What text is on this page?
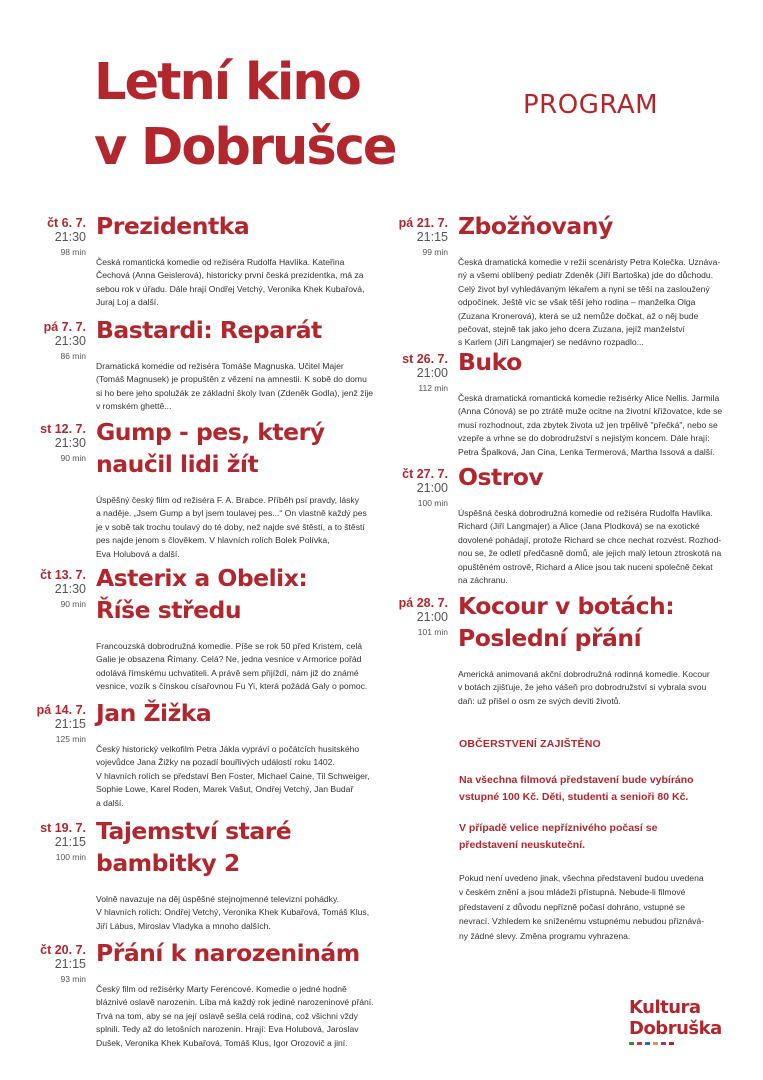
Letní kino
v Dobrušce
PROGRAM
čt 6. 7.
21:30
98 min
Prezidentka
Česká romantická komedie od režiséra Rudolfa Havlíka. Kateřina
Čechová (Anna Geislerová), historicky první česká prezidentka, má za
sebou rok v úřadu. Dále hrají Ondřej Vetchý, Veronika Khek Kubařová,
Juraj Loj a další.
pá 7. 7.
21:30
86 min
Bastardi: Reparát
Dramatická komedie od režiséra Tomáše Magnuska. Učitel Majer
(Tomáš Magnusek) je propuštěn z vězení na amnestii. K sobě do domu
si ho bere jeho spolužák ze základní školy Ivan (Zdeněk Godla), jenž žije
v romském ghettě...
st 12. 7.
21:30
90 min
Gump - pes, který
naučil lidi žít
Úspěšný český film od režiséra F. A. Brabce. Příběh psí pravdy, lásky
a naděje. „Jsem Gump a byl jsem toulavej pes...“ On vlastně každý pes
je v sobě tak trochu toulavý do té doby, než najde své štěstí, a to štěstí
pes najde jenom s člověkem. V hlavních rolích Bolek Polívka,
Eva Holubová a další.
čt 13. 7.
21:30
90 min
Asterix a Obelix:
Říše středu
Francouzská dobrodružná komedie. Píše se rok 50 před Kristem, celá
Galie je obsazena Římany. Celá? Ne, jedna vesnice v Armorice pořád
odolává římskému uchvatiteli. A právě sem přijíždí, nám již do známé
vesnice, vozík s čínskou císařovnou Fu Yi, která požádá Galy o pomoc.
pá 14. 7.
21:15
125 min
Jan Žižka
Český historický velkofilm Petra Jákla vypráví o počátcích husitského
vojevůdce Jana Žižky na pozadí bouřlivých událostí roku 1402.
V hlavních rolích se představí Ben Foster, Michael Caine, Til Schweiger,
Sophie Lowe, Karel Roden, Marek Vašut, Ondřej Vetchý, Jan Budař
a další.
st 19. 7.
21:15
100 min
Tajemství staré
bambitky 2
Volně navazuje na děj úspěšné stejnojmenné televizní pohádky.
V hlavních rolích: Ondřej Vetchý, Veronika Khek Kubařová, Tomáš Klus,
Jiří Lábus, Miroslav Vladyka a mnoho dalších.
čt 20. 7.
21:15
93 min
Přání k narozeninám
Český film od režisérky Marty Ferencové. Komedie o jedné hodně
bláznivé oslavě narozenin. Líba má každý rok jediné narozeninové přání.
Trvá na tom, aby se na její oslavě sešla celá rodina, což všichni vždy
splnili. Tedy až do letošních narozenin. Hrají: Eva Holubová, Jaroslav
Dušek, Veronika Khek Kubařová, Tomáš Klus, Igor Orozovič a jiní.
pá 21. 7.
21:15
99 min
Zbožňovaný
Česká dramatická komedie v režii scenáristy Petra Kolečka. Uznáva-
ný a všemi oblíbený pediatr Zdeněk (Jiří Bartoška) jde do důchodu.
Celý život byl vyhledávaným lékařem a nyní se těší na zasloužený
odpočinek. Ještě víc se však těší jeho rodina – manželka Olga
(Zuzana Kronerová), která se už nemůže dočkat, až o něj bude
pečovat, stejně tak jako jeho dcera Zuzana, jejíž manželství
s Karlem (Jiří Langmajer) se nedávno rozpadlo...
st 26. 7.
21:00
112 min
Buko
Česká dramatická romantická komedie režisérky Alice Nellis. Jarmila
(Anna Cónová) se po ztrátě muže ocitne na životní křižovatce, kde se
musí rozhodnout, zda zbytek života už jen trpělivě "přečká", nebo se
vzepře a vrhne se do dobrodružství s nejistým koncem. Dále hrají:
Petra Špalková, Jan Cina, Lenka Termerová, Martha Issová a další.
čt 27. 7.
21:00
100 min
Ostrov
Úspěšná česká dobrodružná komedie od režiséra Rudolfa Havlíka.
Richard (Jiří Langmajer) a Alice (Jana Plodková) se na exotické
dovolené pohádají, protože Richard se chce nechat rozvést. Rozhod-
nou se, že odletí předčasně domů, ale jejich malý letoun ztroskotá na
opuštěném ostrově, Richard a Alice jsou tak nuceni společně čekat
na záchranu.
pá 28. 7.
21:00
101 min
Kocour v botách:
Poslední přání
Americká animovaná akční dobrodružná rodinná komedie. Kocour
v botách zjišťuje, že jeho vášeň pro dobrodružství si vybrala svou
daň: už přišel o osm ze svých devíti životů.
OBČERSTVENÍ ZAJIŠTĚNO
Na všechna filmová představení bude vybíráno
vstupné 100 Kč. Děti, studenti a senioři 80 Kč.
V případě velice nepříznivého počasí se
představení neuskuteční.
Pokud není uvedeno jinak, všechna představení budou uvedena
v českém znění a jsou mládeži přístupná. Nebude-li filmové
představení z důvodu nepřízně počasí dohráno, vstupné se
nevrací. Vzhledem ke sníženému vstupnému nebudou přiznává-
ny žádné slevy. Změna programu vyhrazena.
Kultura
Dobruška
